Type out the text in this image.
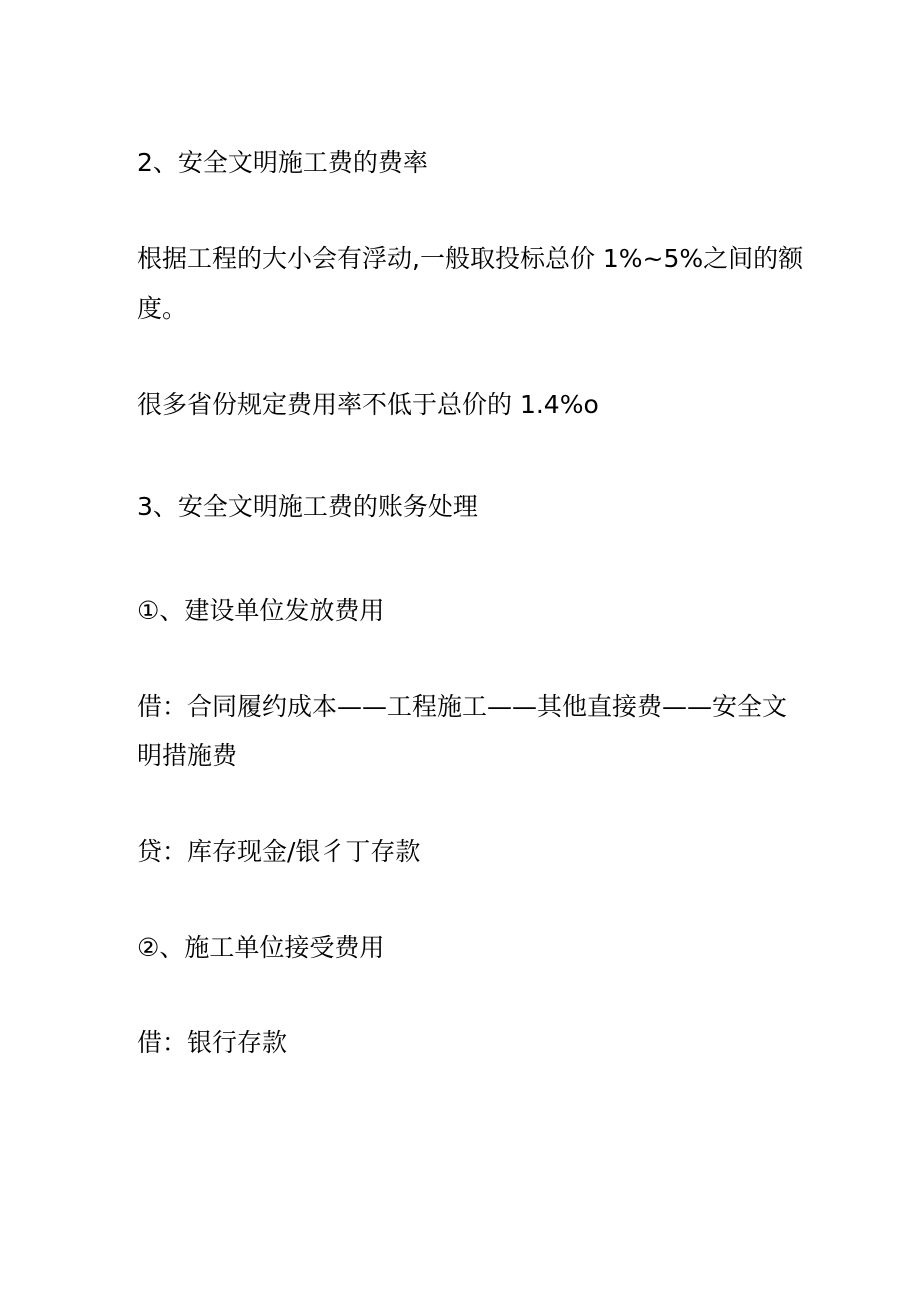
2、安全文明施工费的费率

根据工程的大小会有浮动,一般取投标总价 1%~5%之间的额

度。

很多省份规定费用率不低于总价的 1.4%o

3、安全文明施工费的账务处理

①、建设单位发放费用

借：合同履约成本——工程施工——其他直接费——安全文

明措施费

贷：库存现金/银彳丁存款

②、施工单位接受费用

借：银行存款
